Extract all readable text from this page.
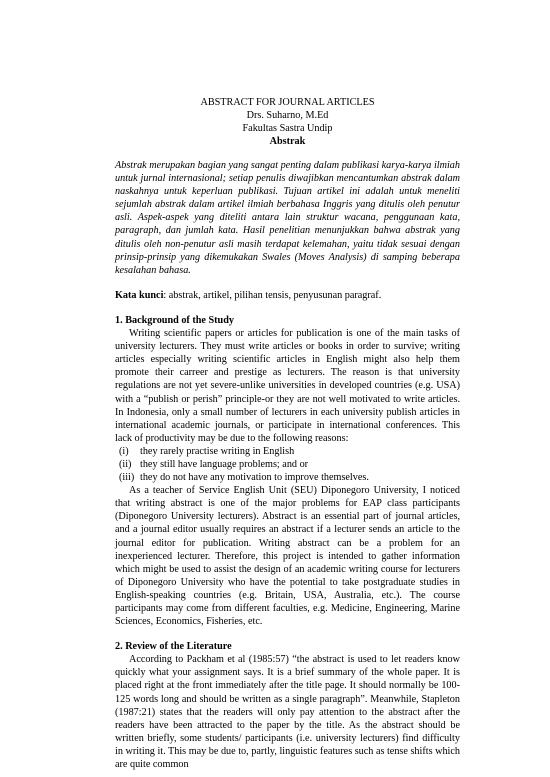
ABSTRACT FOR JOURNAL ARTICLES
Drs. Suharno, M.Ed
Fakultas Sastra Undip
Abstrak
Abstrak merupakan bagian yang sangat penting dalam publikasi karya-karya ilmiah untuk jurnal internasional; setiap penulis diwajibkan mencantumkan abstrak dalam naskahnya untuk keperluan publikasi. Tujuan artikel ini adalah untuk meneliti sejumlah abstrak dalam artikel ilmiah berbahasa Inggris yang ditulis oleh penutur asli. Aspek-aspek yang diteliti antara lain struktur wacana, penggunaan kata, paragraph, dan jumlah kata. Hasil penelitian menunjukkan bahwa abstrak yang ditulis oleh non-penutur asli masih terdapat kelemahan, yaitu tidak sesuai dengan prinsip-prinsip yang dikemukakan Swales (Moves Analysis) di samping beberapa kesalahan bahasa.
Kata kunci: abstrak, artikel, pilihan tensis, penyusunan paragraf.
1. Background of the Study
Writing scientific papers or articles for publication is one of the main tasks of university lecturers. They must write articles or books in order to survive; writing articles especially writing scientific articles in English might also help them promote their carreer and prestige as lecturers. The reason is that university regulations are not yet severe-unlike universities in developed countries (e.g. USA) with a “publish or perish” principle-or they are not well motivated to write articles. In Indonesia, only a small number of lecturers in each university publish articles in international academic journals, or participate in international conferences. This lack of productivity may be due to the following reasons:
(i)	they rarely practise writing in English
(ii) they still have language problems; and or
(iii) they do not have any motivation to improve themselves.
As a teacher of Service English Unit (SEU) Diponegoro University, I noticed that writing abstract is one of the major problems for EAP class participants (Diponegoro University lecturers). Abstract is an essential part of journal articles, and a journal editor usually requires an abstract if a lecturer sends an article to the journal editor for publication. Writing abstract can be a problem for an inexperienced lecturer. Therefore, this project is intended to gather information which might be used to assist the design of an academic writing course for lecturers of Diponegoro University who have the potential to take postgraduate studies in English-speaking countries (e.g. Britain, USA, Australia, etc.). The course participants may come from different faculties, e.g. Medicine, Engineering, Marine Sciences, Economics, Fisheries, etc.
2. Review of the Literature
According to Packham et al (1985:57) “the abstract is used to let readers know quickly what your assignment says. It is a brief summary of the whole paper. It is placed right at the front immediately after the title page. It should normally be 100-125 words long and should be written as a single paragraph”. Meanwhile, Stapleton (1987:21) states that the readers will only pay attention to the abstract after the readers have been attracted to the paper by the title. As the abstract should be written briefly, some students/ participants (i.e. university lecturers) find difficulty in writing it. This may be due to, partly, linguistic features such as tense shifts which are quite common
